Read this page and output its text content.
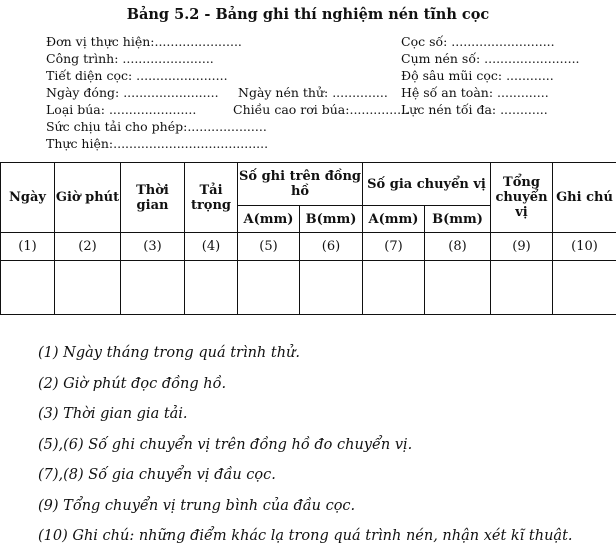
Bảng 5.2 - Bảng ghi thí nghiệm nén tĩnh cọc
Đơn vị thực hiện:......................	Cọc số: ..........................
Công trình: .......................	Cụm nén số: ........................
Tiết diện cọc: .......................	Độ sâu mũi cọc: ............
Ngày đóng: ........................ Ngày nén thử: .............. Hệ số an toàn: .............
Loại búa: ......................	Chiều cao rơi búa:...............
Lực nén tối đa: ............
Sức chịu tải cho phép:....................
Thực hiện:.......................................
Ngày	Giờ phút	Thời gian	Tải trọng	Số ghi trên đồng hồ		Số gia chuyển vị		Tổng chuyển vị	Ghi chú
				A(mm)	B(mm)	A(mm)	B(mm)		
(1)	(2)	(3)	(4)	(5)	(6)	(7)	(8)	(9)	(10)

(1) Ngày tháng trong quá trình thử.
(2) Giờ phút đọc đồng hồ.
(3) Thời gian gia tải.
(5),(6) Số ghi chuyển vị trên đồng hồ đo chuyển vị.
(7),(8) Số gia chuyển vị đầu cọc.
(9) Tổng chuyển vị trung bình của đầu cọc.
(10) Ghi chú: những điểm khác lạ trong quá trình nén, nhận xét kĩ thuật.
